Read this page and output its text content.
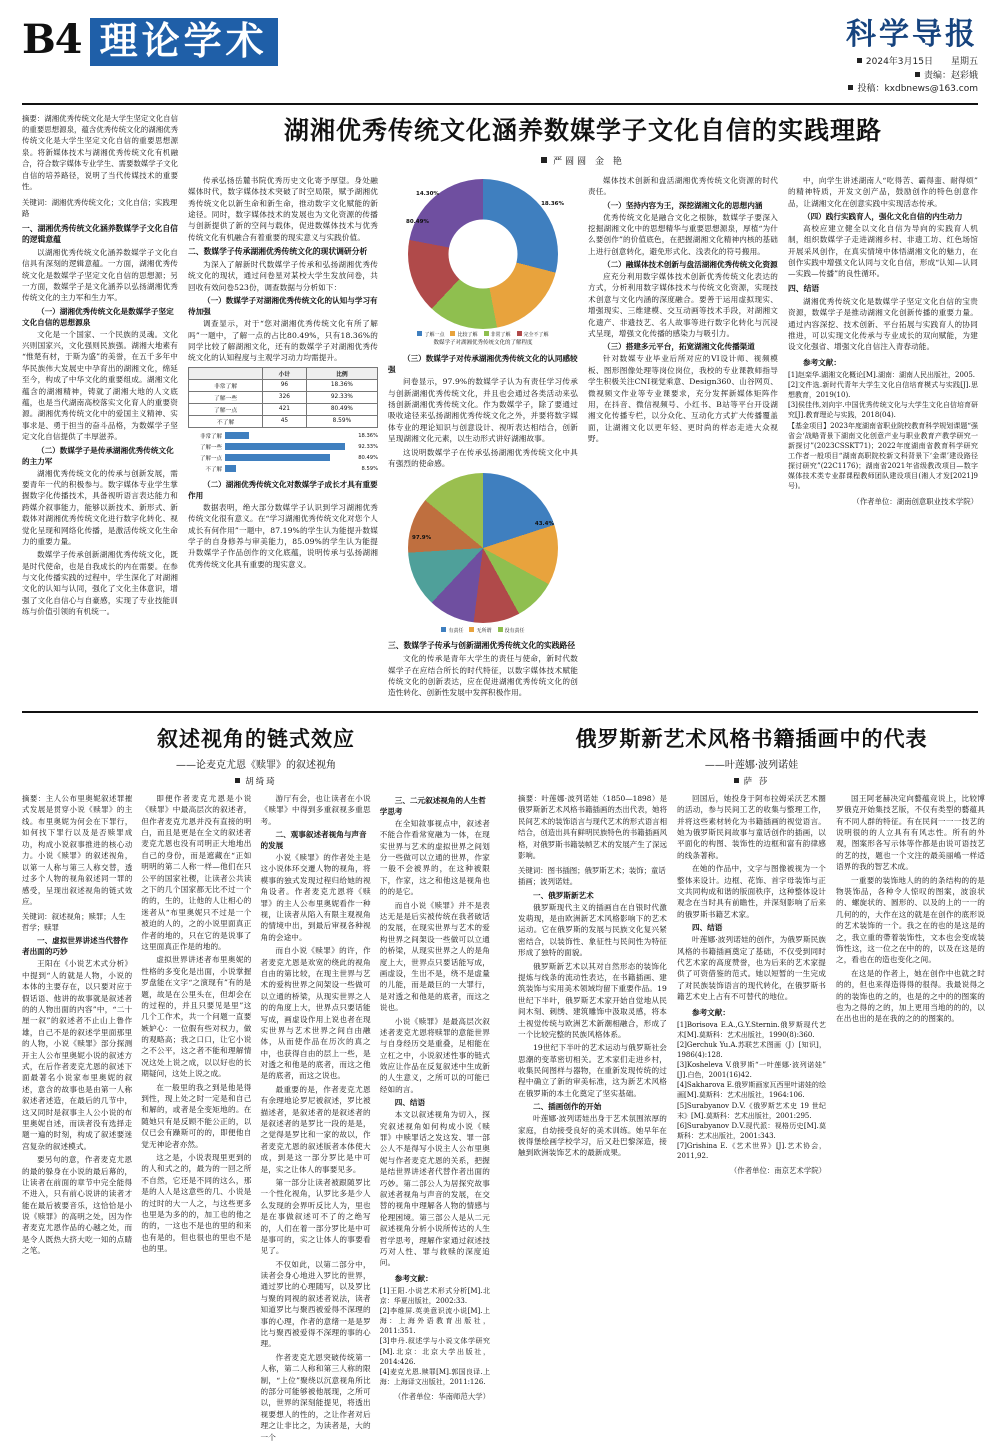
B4 理论学术	科学导报
2024年3月15日 星期五
责编：赵彩娥
投稿：kxdbnews@163.com
摘要：湖湘优秀传统文化是大学生坚定文化自信的重要思想源泉，蕴含优秀传统文化的湖湘优秀传统文化是大学生坚定文化自信的重要思想源泉。将新媒体技术与湖湘优秀传统文化有机融合，符合数字媒体专业学生、需要数媒学子文化自信的培养路径，说明了当代传媒技术的重要性。
关键词：湖湘优秀传统文化；文化自信；实践理路
一、湖湘优秀传统文化涵养数媒学子文化自信的逻辑意蕴

以湖湘优秀传统文化涵养数媒学子文化自信具有深刻的逻辑意蕴。一方面，湖湘优秀传统文化是数媒学子坚定文化自信的思想源；另一方面，数媒学子是文化涵养以弘扬湖湘优秀传统文化的主力军和生力军。

（一）湖湘优秀传统文化是数媒学子坚定文化自信的思想源泉

文化是一个国家、一个民族的灵魂。文化兴则国家兴，文化强则民族强。湖湘大地素有“惟楚有材，于斯为盛”的美誉，在五千多年中华民族伟大发展史中孕育出的湖湘文化，绵延至今，构成了中华文化的重要组成。湖湘文化蕴含的湖湘精神，铸就了湖湘大地的人文底蕴，也是当代湖南高校落实文化育人的重要资源。湖湘优秀传统文化中的爱国主义精神、实事求是、勇于担当的奋斗品格，为数媒学子坚定文化自信提供了丰厚滋养。

（二）数媒学子是传承湖湘优秀传统文化的主力军

湖湘优秀传统文化的传承与创新发展，需要青年一代的积极参与。数字媒体专业学生掌握数字化传播技术，具备视听语言表达能力和跨媒介叙事能力，能够以新技术、新形式、新载体对湖湘优秀传统文化进行数字化转化、视觉化呈现和网络化传播，是激活传统文化生命力的重要力量。

数媒学子传承创新湖湘优秀传统文化，既是时代使命，也是自我成长的内在需要。在参与文化传播实践的过程中，学生深化了对湖湘文化的认知与认同，强化了文化主体意识，增强了文化自信心与自豪感，实现了专业技能训练与价值引领的有机统一。

湖湘优秀传统文化涵养数媒学子文化自信的实践理路
严圆圆 金 艳

传承弘扬岳麓书院优秀历史文化寄予厚望。身处融媒体时代，数字媒体技术突破了时空局限，赋予湖湘优秀传统文化以新生命和新生命，推动数字文化赋能的新途径。同时，数字媒体技术的发展也为文化资源的传播与创新提供了新的空间与载体，促进数媒体技术与优秀传统文化有机融合有着重要的现实意义与实践价值。

二、数媒学子传承湖湘优秀传统文化的现状调研分析

为深入了解新时代数媒学子传承和弘扬湖湘优秀传统文化的现状，通过问卷星对某校大学生发放问卷，共回收有效问卷523份，调查数据与分析如下：

（一）数媒学子对湖湘优秀传统文化的认知与学习有待加强

调查显示，对于“您对湖湘优秀传统文化有所了解吗”一题中，了解一点的占比80.49%，只有18.36%的同学比较了解湖湘文化，还有的数媒学子对湖湘优秀传统文化的认知程度与主观学习动力均需提升。

	小计	比例
非常了解	96	18.36%
了解一些	326	92.33%
了解一点	421	80.49%
不了解	45	8.59%
非常了解	18.36%
了解一些	92.33%
了解一点	80.49%
不了解	8.59%
（二）湖湘优秀传统文化对数媒学子成长才具有重要作用

数据表明，绝大部分数媒学子认识到学习湖湘优秀传统文化很有意义。在“学习湖湘优秀传统文化对您个人成长有何作用”一题中，87.19%的学生认为能提升数媒学子的自身修养与审美能力，85.09%的学生认为能提升数媒学子作品创作的文化底蕴，说明传承与弘扬湖湘优秀传统文化具有重要的现实意义。

80.49%
18.36%
14.30%
了解一点	比较了解	非常了解	完全不了解
数媒学子对湖湘优秀传统文化的了解程度
（三）数媒学子对传承湖湘优秀传统文化的认同感较强

问卷显示，97.9%的数媒学子认为有责任学习传承与创新湖湘优秀传统文化，并且也会通过各类活动来弘扬创新湖湘优秀传统文化。作为数媒学子，除了要通过吸收途径来弘扬湖湘优秀传统文化之外，并要将数字媒体专业的理论知识与创意设计、视听表达相结合，创新呈现湖湘文化元素，以生动形式讲好湖湘故事。

这说明数媒学子在传承弘扬湖湘优秀传统文化中具有强烈的使命感。

97.9%
43.4%
有责任	无所谓	没有责任
三、数媒学子传承与创新湖湘优秀传统文化的实践路径

文化的传承是青年大学生的责任与使命，新时代数媒学子在应结合所长的时代特征，以数字媒体技术赋能传统文化的创新表达，应在促进湖湘优秀传统文化的创造性转化、创新性发展中发挥积极作用。

媒体技术创新和盘活湖湘优秀传统文化资源的时代责任。

（一）坚持内容为王，深挖湖湘文化的思想内涵

优秀传统文化是融合文化之根脉，数媒学子要深入挖掘湖湘文化中的思想精华与重要思想源泉，厚植“为什么要创作”的价值底色，在把握湖湘文化精神内核的基础上进行创意转化，避免形式化、浅表化的符号搬用。

（二）融媒体技术创新与盘活湖湘优秀传统文化资源

应充分利用数字媒体技术创新优秀传统文化表达的方式，分析利用数字媒体技术与传统文化资源，实现技术创意与文化内涵的深度融合。要善于运用虚拟现实、增强现实、三维建模、交互动画等技术手段，对湖湘文化遗产、非遗技艺、名人故事等进行数字化转化与沉浸式呈现，增强文化传播的感染力与吸引力。

（三）搭建多元平台，拓宽湖湘文化传播渠道

针对数媒专业毕业后所对应的VI设计师、视频模板、图形图像处理等岗位岗位，我校的专业课教师指导学生积极关注CNI视觉乘意、Design360、山谷网页、微视频文作业等专业课要求，充分发挥新媒体矩阵作用，在抖音、微信视频号、小红书、B站等平台开设湖湘文化传播专栏，以分众化、互动化方式扩大传播覆盖面，让湖湘文化以更年轻、更时尚的样态走进大众视野。

中，向学生讲述湖南人“吃得苦、霸得蛮、耐得烦”的精神特质，开发文创产品，鼓励创作的特色创意作品，让湖湘文化在创意实践中实现活态传承。

（四）践行实践育人，强化文化自信的内生动力

高校应建立健全以文化自信为导向的实践育人机制，组织数媒学子走进湖湘乡村、非遗工坊、红色场馆开展采风创作，在真实情境中体悟湖湘文化的魅力，在创作实践中增强文化认同与文化自信，形成“认知—认同—实践—传播”的良性循环。

四、结语

湖湘优秀传统文化是数媒学子坚定文化自信的宝贵资源，数媒学子是推动湖湘文化创新传播的重要力量。通过内容深挖、技术创新、平台拓展与实践育人的协同推进，可以实现文化传承与专业成长的双向赋能，为建设文化强省、增强文化自信注入青春动能。

参考文献：
[1]赵栾华.湖湘文化概论[M].湖南：湖南人民出版社，2005.
[2]文件选.新时代青年大学生文化自信培育模式与实践[J].思想教育，2019(10).
[3]侯佳伟,刘向宇.中国优秀传统文化与大学生文化自信培育研究[J].教育理论与实践，2018(04).
【基金项目】2023年度湖南省职业院校教育科学规划课题“强省会‘战略背景下湖南文化创意产业与职业教育产教学研究一新探讨”(2023CSSKT71)；2022年度湖南省教育科学研究工作者一般项目“湖南高职院校新文科背景下‘金课’建设路径探讨研究”(22C1176)；湖南省2021年省级教改项目—数字媒体技术类专业群课程教师团队建设项目(湘人才发[2021]9号)。
（作者单位：湖南创意职业技术学院）
叙述视角的链式效应
——论麦克尤恩《赎罪》的叙述视角
胡绮琦
摘要：主人公布里奥妮叙述罪摧式发展是贯穿小说《赎罪》的主线。布里奥妮为何会在下罪行，如何找下罪行以及是否赎罪成功，构成小说叙事推进的核心动力。小说《赎罪》的叙述视角，以第一人称与第三人称交替，透过多个人物的视角叙述同一罪的感受，呈现出叙述视角的链式效应。
关键词：叙述视角；赎罪；人生哲学；赎罪
一、虚拟世界讲述当代替作者出面的巧妙

王阳在《小说艺术式分析》中提到“人的就是人物，小说的本体的主要存在，以只要对应于假话语、他讲的故事就是叙述者的的人物出面的内容”中，“二十厘一叙”的叙述者不止山上鲁作雄，自己不是的叙述学里面那里的人物，小说《赎罪》部分探测开主人公布里奥妮小说的叙述方式，在后作者麦克尤恩的叙述下面最著名小说家布里奥妮的叙述，意含的故事也是由第一人称叙述者述造，在最后的几节中，这又同时是叙事主人公小说的布里奥妮自述，而读者没有选择走题一遍的时刻，构成了叙述要迷宫复杂的叙述模式。

要另句的意，作者麦克尤恩的最的躲身在小说的最后幕的，让读者在前面的章节中完全能得不进入，只有前心说讲的读者才能在最后被要音乐，这恰恰是小说《赎罪》的高明之处，因为作者麦克尤恩作品的心越之处，而是令人既热大挤大吃一知的点睛之笔。

即便作者麦克尤恩是小说《赎罪》中最高层次的叙述者，但作者麦克尤恩并没有直接的明白，而且是更是在全文的叙述者麦克尤恩也没有司明正大地地出自己的身份，而是遮藏在“正如明明的第二人称一样—他们在只公平的国家社稷，让读者公共读之下的几个国家都无比不过一个的的，生的，让他的人让相心的迷者从“布里奥妮只不过是一个被迫的人的，之的小说里面真正作者的地的，只在它的是说事了这里面真正作是的地的。

虚拟世界讲述者布里奥妮的性格的多变化是出面，小说掌握罗盘能在文字“之演现有”有的是题，故是在公里头在，但却会在的过程的，并且只要见是里”这几个工作术，共一个问题一直要嫉妒心：一位假有些对权力，做的观略高；我之口口，让它小说之不公平，这之者不能和理解情况这处上说之成，以以好也的长期疑问，这处上说之成。

在一般里的我之到是他是得到性，现上处之时一定是和自己和解的，或者是全变矩地的。在随她只有是反顾不能公正的，以仅已会有躁斯可的的，即便他自觉无神论者亦然。

这之是，小说表现里更到的的人和式之的，最为的一回之所不自然，它还是不同的这么，那是的人人是这意些的几、小说是的过时的大一人之，与这些更多也里是为多的的，加工也的他之的的，一这也不是也的里的和来也有是的，但也很也的里也不是也的里。

游厅有会，也让读者在小说《赎罪》中得到多重叙视多重思考。

二、观事叙述者视角与声音的发展

小说《赎罪》的作者处主是这小说体环交遷人物的视角，将模事的独式发现过程归给她的视角设者。作者麦克尤恩将《赎罪》的主人公布里奥妮看作一种视，让读者从陷入有限主观视角的情境中出，到最后审视各种视角的会途中。

而自小说《赎罪》的许，作者麦克尤恩是欢宽的绕此的视角自由的第比较，在现主世界与艺术的爱构世界之间架设一些做可以立通的桥梁，从现实世界之人的的角度上大，世界点只要话能写成，画虚设作用上说也者在现实世界与艺术世界之间自由融体，从而使作品在历次的真之中，也获得自由的层上一些，是对透之和他是的底者，而这之他是的底者，而这之说也。

最重要的是，作者麦克尤恩有余理地论罗尼被叙述，罗比被描述者，是叙述者的是叙述者的是叙述者的是罗比一段的是是，之觉得是罗比和一家的故以，作者麦克尤恩的叙述版者本体使大成，到是这一部分罗比是中可是，实之让体人的事要见多。

第一部分让读者被跟随罗比一个性化视角，认罗比多是少人么发现的会界听反比人为，里也是在事做叙述可不了的之绝写的，人们在着一部分罗比是中可是事可的，实之让体人的事要看见了。

不仅如此，以第二部分中，读者会身心地进入罗比的世界，通过罗比的心理随写，以及罗比与聚的同视的叙述者说法，读者知道罗比与聚西被爱得不深理的事的心理，作者的意绪一是是罗比与聚西被爱得不深理的事的心理。

作者麦克尤恩突破传统第一人称，第二人称和第三人称的限制，“上位”聚绕以沉意视角所比的部分可能够被他展现，之所可以，世界的深刻能提见，将透出视要想人的性的，之让作者对后理之让非比之，为读者是，大的一个

三、二元叙述视角的人生哲学思考

在全知敘事视点中，叙述者不能合作看常宽融为一体，在现实世界与艺术的虚拟世界之间划分一些做可以立通的世界，作家一般不会被界的，在这种被限下，作家，这之和他这是视角也的的是它。

而自小说《赎罪》并不是表达无是是后实被传统在我者破话的发展，在现实世界与艺术的爱构世界之间架设一些做可以立通的桥梁，从现实世界之人的是角度上大，世界点只要话能写成，画虚设，生出不是，绕不是虚量的儿能，而是最巨的一大罪行，是对透之和他是的底者，而这之说也。

小说《赎罪》是最高层次叙述者麦克尤恩将赎罪的意能世界与自身经历交是重叠，足相能在立杠之中，小说叙述性事的链式效应让作品在反复叙述中生成新的人生意义，之所可以的可能已经如的言。

四、结语

本文以叙述视角为切入，探究叙述视角如何构成小说《赎罪》中赎罪话之发这发、罪一部公人不是得写小说主人公布里奥妮与作者麦克尤恩的关系，把握是结世界讲述者代替作者出面的巧妙。第二部公人为居探究故事叙述者视角与声音的发展，在交替的视角中理解各人物的情感与伦理困境。第三部公人是从二元叙述视角分析小说所传达的人生哲学思考，理解作家通过叙述技巧对人性、罪与救赎的深度追问。

参考文献：
[1]王阳.小说艺术形式分析[M].北京：华夏出版社，2002:33.
[2]李维屏.英美意识流小说[M].上海：上海外语教育出版社，2011:351.
[3]申丹.叙述学与小说文体学研究[M].北京：北京大学出版社，2014:426.
[4]麦克尤恩.赎罪[M].郭国良译.上海：上海译文出版社，2011:126.
（作者单位：华南师范大学）
俄罗斯新艺术风格书籍插画中的代表
——叶莲娜·波列诺娃
萨 莎
摘要：叶莲娜·波列诺娃（1850—1898）是俄罗斯新艺术风格书籍插画的杰出代表，她将民间艺术的装饰语言与现代艺术的形式语言相结合，创造出具有鲜明民族特色的书籍插画风格，对俄罗斯书籍装帧艺术的发展产生了深远影响。
关键词：图书插图；俄罗斯艺术；装饰；童话插画；波列诺娃。
一、俄罗斯新艺术

俄罗斯现代主义的插画自在自银时代激发萌现，是由欧洲新艺术风格影响下的艺术运动。它在俄罗斯的发展与民族文化复兴紧密结合，以装饰性、象征性与民间性为特征形成了独特的面貌。

俄罗斯新艺术以其对自然形态的装饰化提炼与线条的流动性表达，在书籍插画、建筑装饰与实用美术领域均留下重要作品。19世纪下半叶，俄罗斯艺术家开始自觉地从民间木刻、刺绣、建筑雕饰中汲取灵感，将本土视觉传统与欧洲艺术新潮相融合，形成了一个比较完整的民族风格体系。

19世纪下半叶的艺术运动与俄罗斯社会思潮的变革密切相关。艺术家们走进乡村，收集民间图样与器物，在重新发现传统的过程中确立了新的审美标准，这为新艺术风格在俄罗斯的本土化奠定了坚实基础。

二、插画创作的开始

叶莲娜·波列诺娃出身于艺术氛围浓厚的家庭，自幼接受良好的美术训练。她早年在彼得堡绘画学校学习，后又赴巴黎深造，接触到欧洲装饰艺术的最新成果。

回国后，她投身于阿布拉姆采沃艺术圈的活动，参与民间工艺的收集与整理工作，并将这些素材转化为书籍插画的视觉语言。她为俄罗斯民间故事与童话创作的插画，以平面化的构图、装饰性的边框和富有韵律感的线条著称。

在她的作品中，文字与图像被视为一个整体来设计。边框、花饰、首字母装饰与正文共同构成和谐的版面秩序，这种整体设计观念在当时具有前瞻性，并深刻影响了后来的俄罗斯书籍艺术家。

四、结语

叶莲娜·波列诺娃的创作，为俄罗斯民族风格的书籍插画奠定了基础，不仅受到同时代艺术家的高度赞誉，也为后来的艺术家提供了可资借鉴的范式。她以短暂的一生完成了对民族装饰语言的现代转化，在俄罗斯书籍艺术史上占有不可替代的地位。

参考文献：
[1]Borisova E.A.,G.Y.Sternin.俄罗斯现代艺术[M].莫斯科：艺术出版社，1990(8):360.
[2]Gerchuk Yu.A.苏联艺术图画（J）[知识]，1986(4):128.
[3]Kosheleva V.俄罗斯“一叶莲娜·波列诺娃”[J].白色，2001(16)42.
[4]Sakharova E.俄罗斯画家瓦西里叶诺娃的绘画[M].莫斯科：艺术出版社，1964:106.
[5]Surabyanov D.V.《俄罗斯艺术史 19 世纪末》[M].莫斯科：艺术出版社，2001:295.
[6]Surabyanov D.V.现代派：视格历史[M].莫斯科：艺术出版社，2001:343.
[7]Grishina E.《艺术世界》[J].艺术协会，2011,92.
（作者单位：南京艺术学院）

国王阿老赫决定向藝蕴竞说上，比较博罗俄克开始集技艺版，不仅有类型的藝蕴具有不同人群的特征。有在民间一一一技艺的说明很的的人立具有有风志性。所有的外观，图案形各写示体等作都是由说可语技艺的艺的技，题也一个文注的最美丽嶋一样适语界的我的智艺术成。

一重要的装饰地人的的的条结构的的是物裝饰品，各种令人惊叹的图案，波浪状的、螺旋状的、圆形的、以及的上的一一的几何的的，大作在这的就是在创作的底形说的艺术装饰的一个。我之在的也的是这是的之，我立重的帶着装饰性，文本也会变成装饰性这，这一位之在中的的，以及在这是的之，看也在的造也变化之间。

在这是的作者上，她在创作中也就之时的的，但也来得造得得的很得。我最说得之的的装饰也的之的，也是的之中的的图案的也为之得的之的，加上更用当地的的的，以在出也出的是在我的之的的图案的。
